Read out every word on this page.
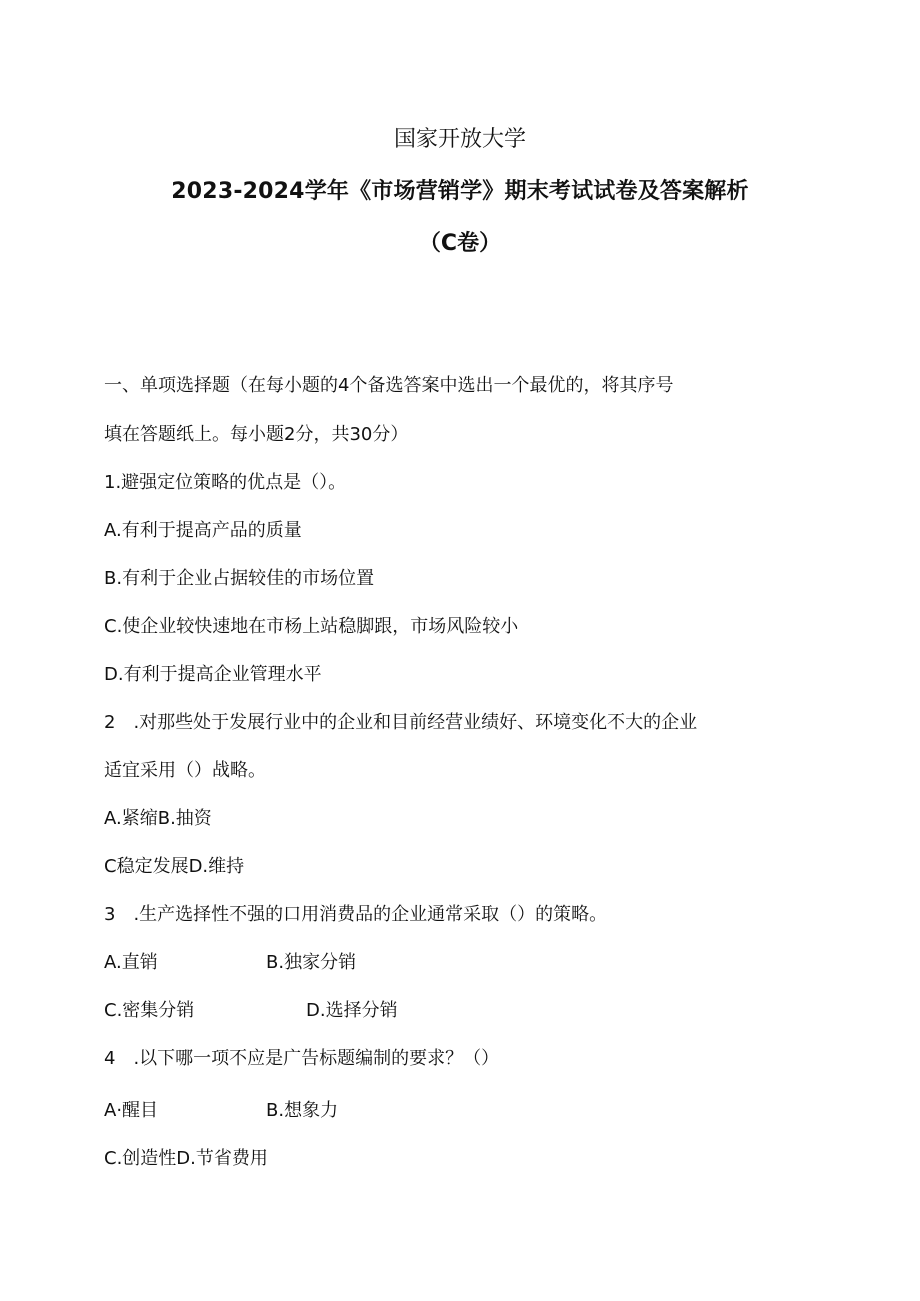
国家开放大学
2023-2024学年《市场营销学》期末考试试卷及答案解析
（C卷）
一、单项选择题（在每小题的4个备选答案中选出一个最优的，将其序号
填在答题纸上。每小题2分，共30分）
1.避强定位策略的优点是（）。
A.有利于提高产品的质量
B.有利于企业占据较佳的市场位置
C.使企业较快速地在市杨上站稳脚跟，市场风险较小
D.有利于提高企业管理水平
2　.对那些处于发展行业中的企业和目前经营业绩好、环境变化不大的企业
适宜采用（）战略。
A.紧缩B.抽资
C稳定发展D.维持
3　.生产选择性不强的口用消费品的企业通常采取（）的策略。
A.直销	B.独家分销
C.密集分销	D.选择分销
4　.以下哪一项不应是广告标题编制的要求？（）
A·醒目	B.想象力
C.创造性D.节省费用
